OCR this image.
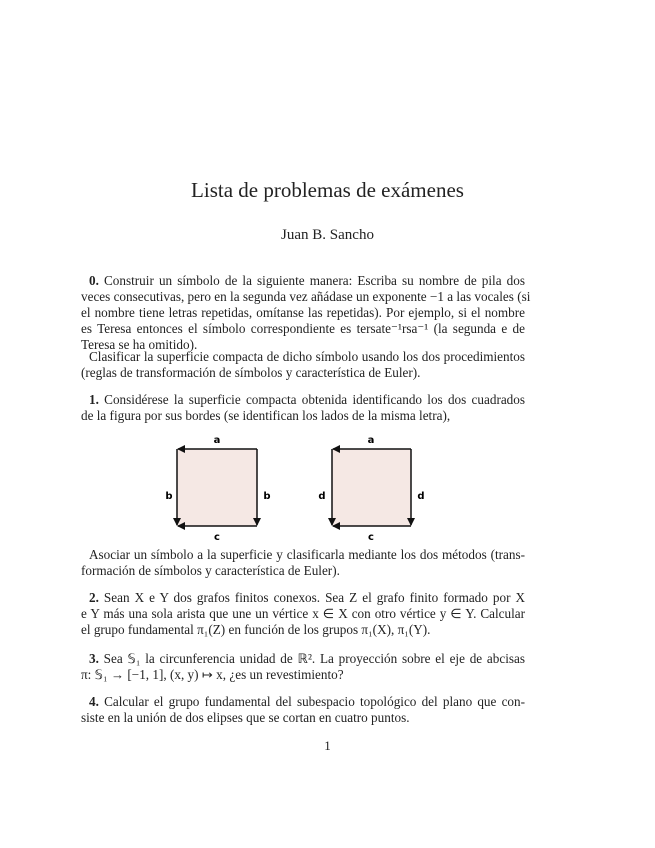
Lista de problemas de exámenes
Juan B. Sancho
0. Construir un símbolo de la siguiente manera: Escriba su nombre de pila dos
veces consecutivas, pero en la segunda vez añádase un exponente −1 a las vocales (si
el nombre tiene letras repetidas, omítanse las repetidas). Por ejemplo, si el nombre
es Teresa entonces el símbolo correspondiente es tersate⁻¹rsa⁻¹ (la segunda e de
Teresa se ha omitido).
Clasificar la superficie compacta de dicho símbolo usando los dos procedimientos
(reglas de transformación de símbolos y característica de Euler).
1. Considérese la superficie compacta obtenida identificando los dos cuadrados
de la figura por sus bordes (se identifican los lados de la misma letra),
Asociar un símbolo a la superficie y clasificarla mediante los dos métodos (trans-
formación de símbolos y característica de Euler).
2. Sean X e Y dos grafos finitos conexos. Sea Z el grafo finito formado por X
e Y más una sola arista que une un vértice x ∈ X con otro vértice y ∈ Y. Calcular
el grupo fundamental π₁(Z) en función de los grupos π₁(X), π₁(Y).
3. Sea 𝕊₁ la circunferencia unidad de ℝ². La proyección sobre el eje de abcisas
π: 𝕊₁ → [−1, 1], (x, y) ↦ x, ¿es un revestimiento?
4. Calcular el grupo fundamental del subespacio topológico del plano que con-
siste en la unión de dos elipses que se cortan en cuatro puntos.
a
b	b
c
a
d	d
c
1
